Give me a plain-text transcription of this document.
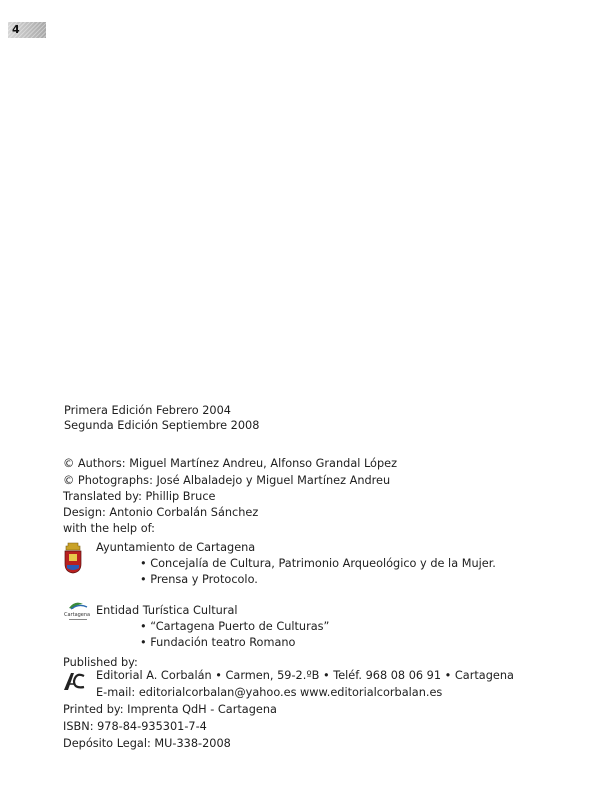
4
Primera Edición Febrero 2004
Segunda Edición Septiembre 2008
© Authors: Miguel Martínez Andreu, Alfonso Grandal López
© Photographs: José Albaladejo y Miguel Martínez Andreu
Translated by: Phillip Bruce
Design: Antonio Corbalán Sánchez
with the help of:
Ayuntamiento de Cartagena
• Concejalía de Cultura, Patrimonio Arqueológico y de la Mujer.
• Prensa y Protocolo.
Cartagena Entidad Turística Cultural
• “Cartagena Puerto de Culturas”
• Fundación teatro Romano
Published by:
Editorial A. Corbalán • Carmen, 59-2.ºB • Teléf. 968 08 06 91 • Cartagena
E-mail: editorialcorbalan@yahoo.es www.editorialcorbalan.es
Printed by: Imprenta QdH - Cartagena
ISBN: 978-84-935301-7-4
Depósito Legal: MU-338-2008
